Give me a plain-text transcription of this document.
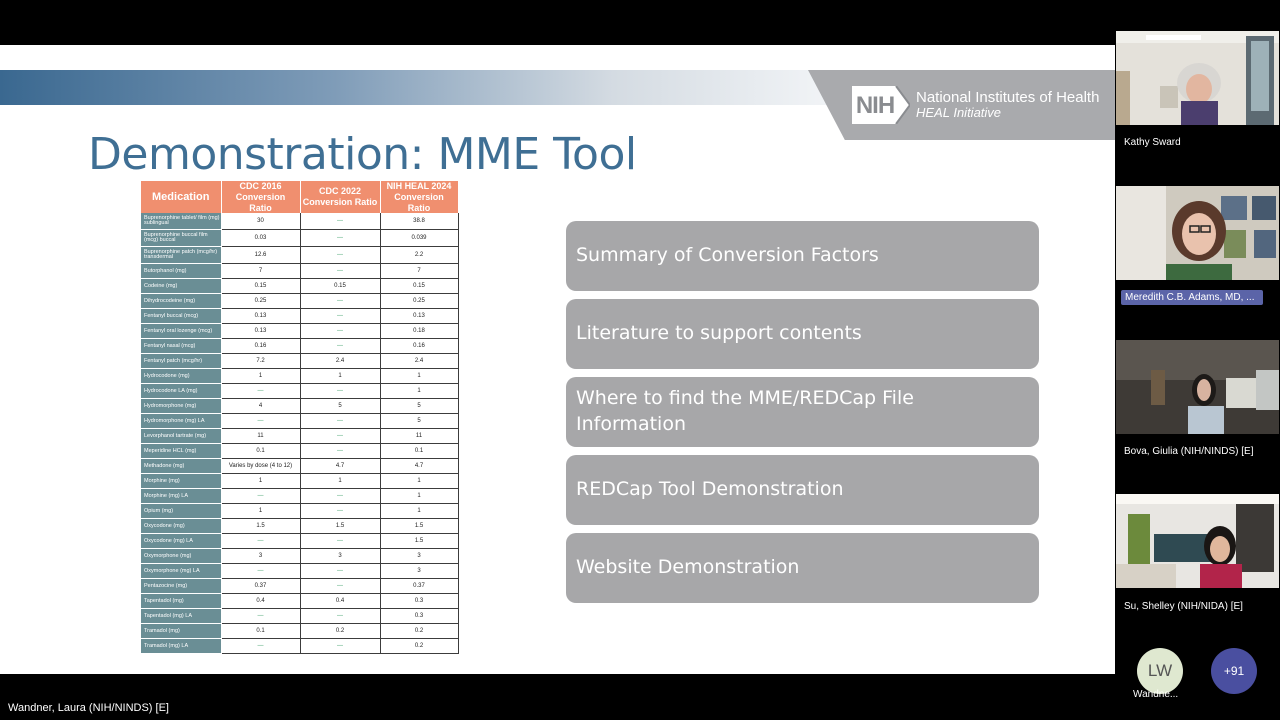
NIH National Institutes of Health
HEAL Initiative
Demonstration: MME Tool
Medication	CDC 2016 Conversion Ratio	CDC 2022 Conversion Ratio	NIH HEAL 2024 Conversion Ratio
Buprenorphine tablet/ film (mg) sublingual	30	—	38.8
Buprenorphine buccal film (mcg) buccal	0.03	—	0.039
Buprenorphine patch (mcg/hr) transdermal	12.6	—	2.2
Butorphanol (mg)	7	—	7
Codeine (mg)	0.15	0.15	0.15
Dihydrocodeine (mg)	0.25	—	0.25
Fentanyl buccal (mcg)	0.13	—	0.13
Fentanyl oral lozenge (mcg)	0.13	—	0.18
Fentanyl nasal (mcg)	0.16	—	0.16
Fentanyl patch (mcg/hr)	7.2	2.4	2.4
Hydrocodone (mg)	1	1	1
Hydrocodone LA (mg)	—	—	1
Hydromorphone (mg)	4	5	5
Hydromorphone (mg) LA	—	—	5
Levorphanol tartrate (mg)	11	—	11
Meperidine HCL (mg)	0.1	—	0.1
Methadone (mg)	Varies by dose (4 to 12)	4.7	4.7
Morphine (mg)	1	1	1
Morphine (mg) LA	—	—	1
Opium (mg)	1	—	1
Oxycodone (mg)	1.5	1.5	1.5
Oxycodone (mg) LA	—	—	1.5
Oxymorphone (mg)	3	3	3
Oxymorphone (mg) LA	—	—	3
Pentazocine (mg)	0.37	—	0.37
Tapentadol (mg)	0.4	0.4	0.3
Tapentadol (mg) LA	—	—	0.3
Tramadol (mg)	0.1	0.2	0.2
Tramadol (mg) LA	—	—	0.2
Summary of Conversion Factors
Literature to support contents
Where to find the MME/REDCap File Information
REDCap Tool Demonstration
Website Demonstration
Wandner, Laura (NIH/NINDS) [E]
Kathy Sward
Meredith C.B. Adams, MD, ...
Bova, Giulia (NIH/NINDS) [E]
Su, Shelley (NIH/NIDA) [E]
LW
Wandne...
+91
